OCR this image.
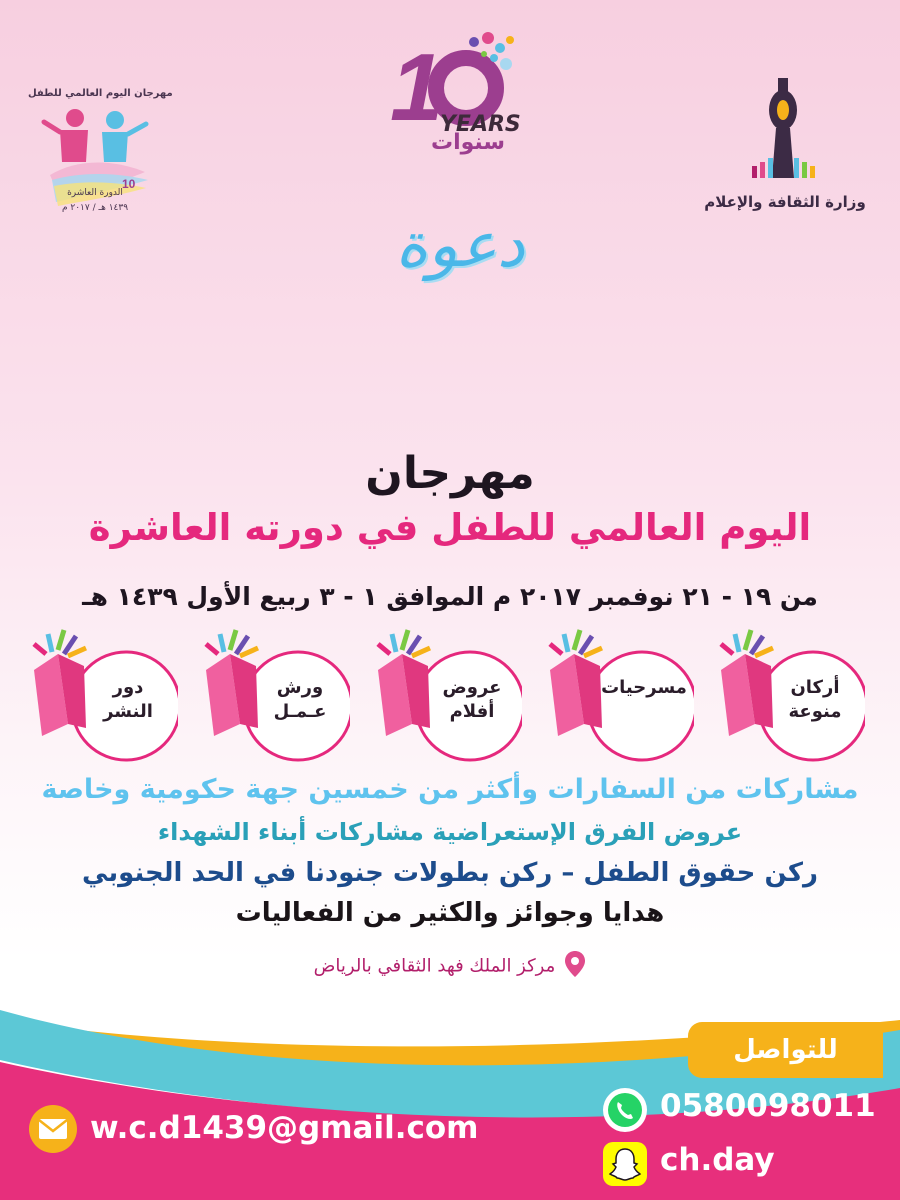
10
مهرجان اليوم العالمي للطفل
الدورة العاشرة
١٤٣٩ هـ / ٢٠١٧ م
1
YEARS
سنوات
وزارة الثقافة والإعلام
دعوة
مهرجان
اليوم العالمي للطفل في دورته العاشرة
من ١٩ - ٢١ نوفمبر ٢٠١٧ م الموافق ١ - ٣ ربيع الأول ١٤٣٩ هـ
أركان
منوعة
مسرحيات
عروض
أفلام
ورش
عـمـل
دور
النشر
مشاركات من السفارات وأكثر من خمسين جهة حكومية وخاصة
عروض الفرق الإستعراضية مشاركات أبناء الشهداء
ركن حقوق الطفل – ركن بطولات جنودنا في الحد الجنوبي
هدايا وجوائز والكثير من الفعاليات
مركز الملك فهد الثقافي بالرياض
للتواصل
0580098011
ch.day
w.c.d1439@gmail.com
